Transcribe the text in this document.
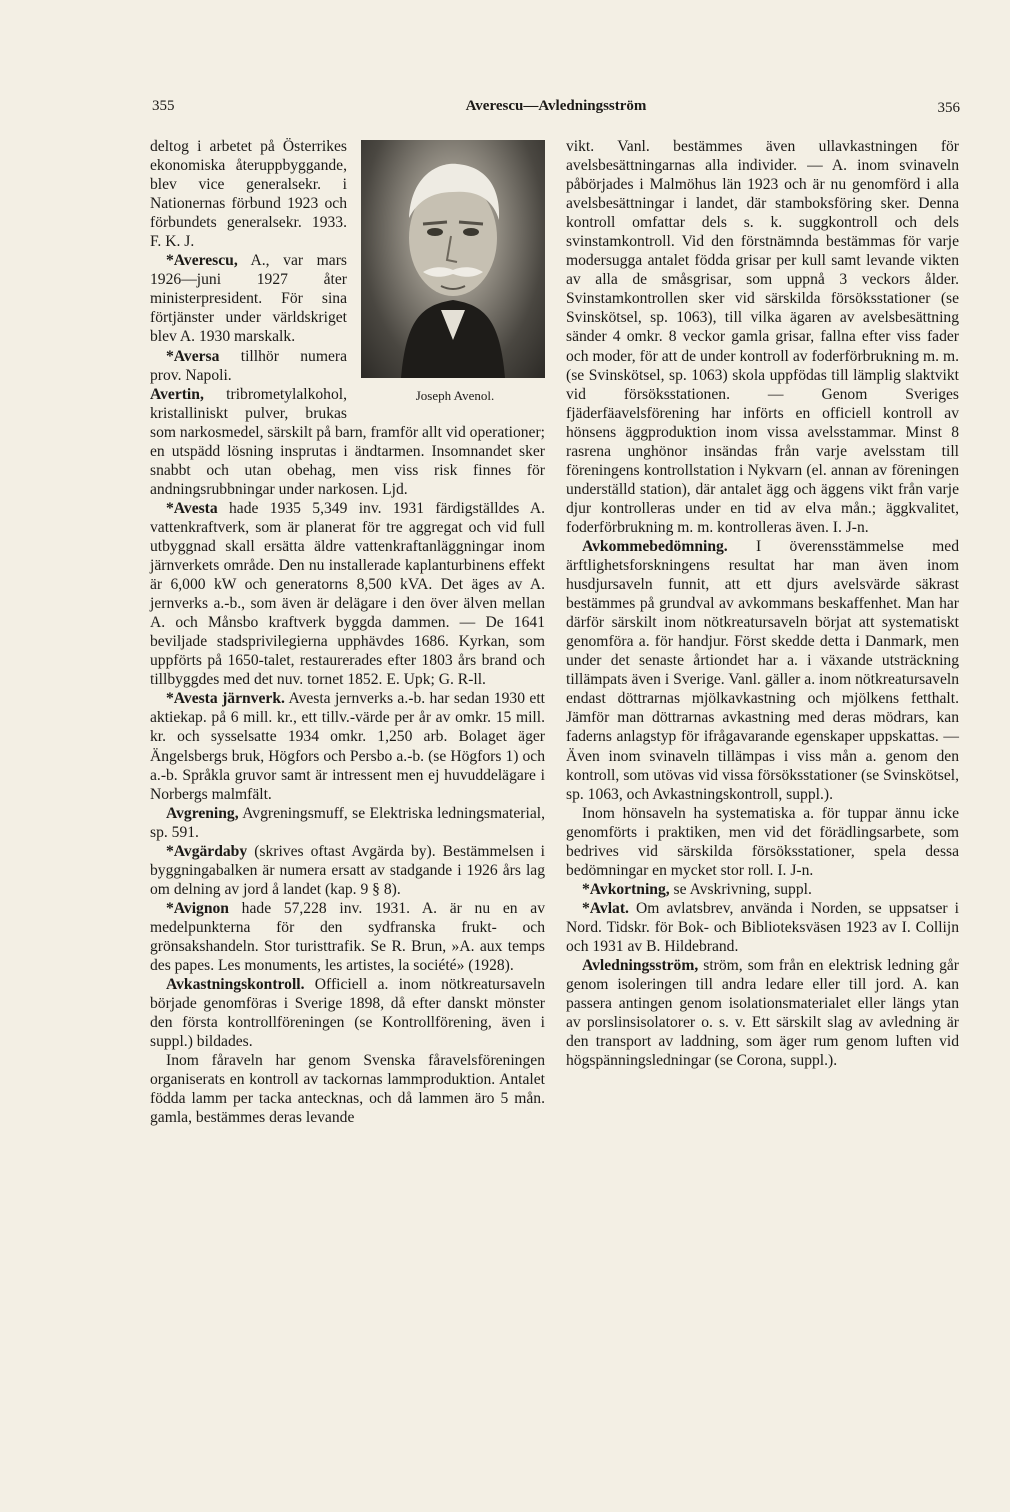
355	Averescu—Avledningsström	356
Joseph Avenol.

deltog i arbetet på Österrikes ekonomiska återuppbyggande, blev vice generalsekr. i Nationernas förbund 1923 och förbundets generalsekr. 1933. F. K. J.

*Averescu, A., var mars 1926—juni 1927 åter ministerpresident. För sina förtjänster under världskriget blev A. 1930 marskalk.

*Aversa tillhör numera prov. Napoli.

Avertin, tribrometylalkohol, kristalliniskt pulver, brukas som narkosmedel, särskilt på barn, framför allt vid operationer; en utspädd lösning insprutas i ändtarmen. Insomnandet sker snabbt och utan obehag, men viss risk finnes för andningsrubbningar under narkosen. Ljd.

*Avesta hade 1935 5,349 inv. 1931 färdigställdes A. vattenkraftverk, som är planerat för tre aggregat och vid full utbyggnad skall ersätta äldre vattenkraftanläggningar inom järnverkets område. Den nu installerade kaplanturbinens effekt är 6,000 kW och generatorns 8,500 kVA. Det äges av A. jernverks a.-b., som även är delägare i den över älven mellan A. och Månsbo kraftverk byggda dammen. — De 1641 beviljade stadsprivilegierna upphävdes 1686. Kyrkan, som uppförts på 1650-talet, restaurerades efter 1803 års brand och tillbyggdes med det nuv. tornet 1852. E. Upk; G. R-ll.

*Avesta järnverk. Avesta jernverks a.-b. har sedan 1930 ett aktiekap. på 6 mill. kr., ett tillv.-värde per år av omkr. 15 mill. kr. och sysselsatte 1934 omkr. 1,250 arb. Bolaget äger Ängelsbergs bruk, Högfors och Persbo a.-b. (se Högfors 1) och a.-b. Språkla gruvor samt är intressent men ej huvuddelägare i Norbergs malmfält.

Avgrening, Avgreningsmuff, se Elektriska ledningsmaterial, sp. 591.

*Avgärdaby (skrives oftast Avgärda by). Bestämmelsen i byggningabalken är numera ersatt av stadgande i 1926 års lag om delning av jord å landet (kap. 9 § 8).

*Avignon hade 57,228 inv. 1931. A. är nu en av medelpunkterna för den sydfranska frukt- och grönsakshandeln. Stor turisttrafik. Se R. Brun, »A. aux temps des papes. Les monuments, les artistes, la société» (1928).

Avkastningskontroll. Officiell a. inom nötkreatursaveln började genomföras i Sverige 1898, då efter danskt mönster den första kontrollföreningen (se Kontrollförening, även i suppl.) bildades.

Inom fåraveln har genom Svenska fåravelsföreningen organiserats en kontroll av tackornas lammproduktion. Antalet födda lamm per tacka antecknas, och då lammen äro 5 mån. gamla, bestämmes deras levande

vikt. Vanl. bestämmes även ullavkastningen för avelsbesättningarnas alla individer. — A. inom svinaveln påbörjades i Malmöhus län 1923 och är nu genomförd i alla avelsbesättningar i landet, där stamboksföring sker. Denna kontroll omfattar dels s. k. suggkontroll och dels svinstamkontroll. Vid den förstnämnda bestämmas för varje modersugga antalet födda grisar per kull samt levande vikten av alla de småsgrisar, som uppnå 3 veckors ålder. Svinstamkontrollen sker vid särskilda försöksstationer (se Svinskötsel, sp. 1063), till vilka ägaren av avelsbesättning sänder 4 omkr. 8 veckor gamla grisar, fallna efter viss fader och moder, för att de under kontroll av foderförbrukning m. m. (se Svinskötsel, sp. 1063) skola uppfödas till lämplig slaktvikt vid försöksstationen. — Genom Sveriges fjäderfäavelsförening har införts en officiell kontroll av hönsens äggproduktion inom vissa avelsstammar. Minst 8 rasrena unghönor insändas från varje avelsstam till föreningens kontrollstation i Nykvarn (el. annan av föreningen underställd station), där antalet ägg och äggens vikt från varje djur kontrolleras under en tid av elva mån.; äggkvalitet, foderförbrukning m. m. kontrolleras även. I. J-n.

Avkommebedömning. I överensstämmelse med ärftlighetsforskningens resultat har man även inom husdjursaveln funnit, att ett djurs avelsvärde säkrast bestämmes på grundval av avkommans beskaffenhet. Man har därför särskilt inom nötkreatursaveln börjat att systematiskt genomföra a. för handjur. Först skedde detta i Danmark, men under det senaste årtiondet har a. i växande utsträckning tillämpats även i Sverige. Vanl. gäller a. inom nötkreatursaveln endast döttrarnas mjölkavkastning och mjölkens fetthalt. Jämför man döttrarnas avkastning med deras mödrars, kan faderns anlagstyp för ifrågavarande egenskaper uppskattas. — Även inom svinaveln tillämpas i viss mån a. genom den kontroll, som utövas vid vissa försöksstationer (se Svinskötsel, sp. 1063, och Avkastningskontroll, suppl.).

Inom hönsaveln ha systematiska a. för tuppar ännu icke genomförts i praktiken, men vid det förädlingsarbete, som bedrives vid särskilda försöksstationer, spela dessa bedömningar en mycket stor roll. I. J-n.

*Avkortning, se Avskrivning, suppl.

*Avlat. Om avlatsbrev, använda i Norden, se uppsatser i Nord. Tidskr. för Bok- och Biblioteksväsen 1923 av I. Collijn och 1931 av B. Hildebrand.

Avledningsström, ström, som från en elektrisk ledning går genom isoleringen till andra ledare eller till jord. A. kan passera antingen genom isolationsmaterialet eller längs ytan av porslinsisolatorer o. s. v. Ett särskilt slag av avledning är den transport av laddning, som äger rum genom luften vid högspänningsledningar (se Corona, suppl.).
